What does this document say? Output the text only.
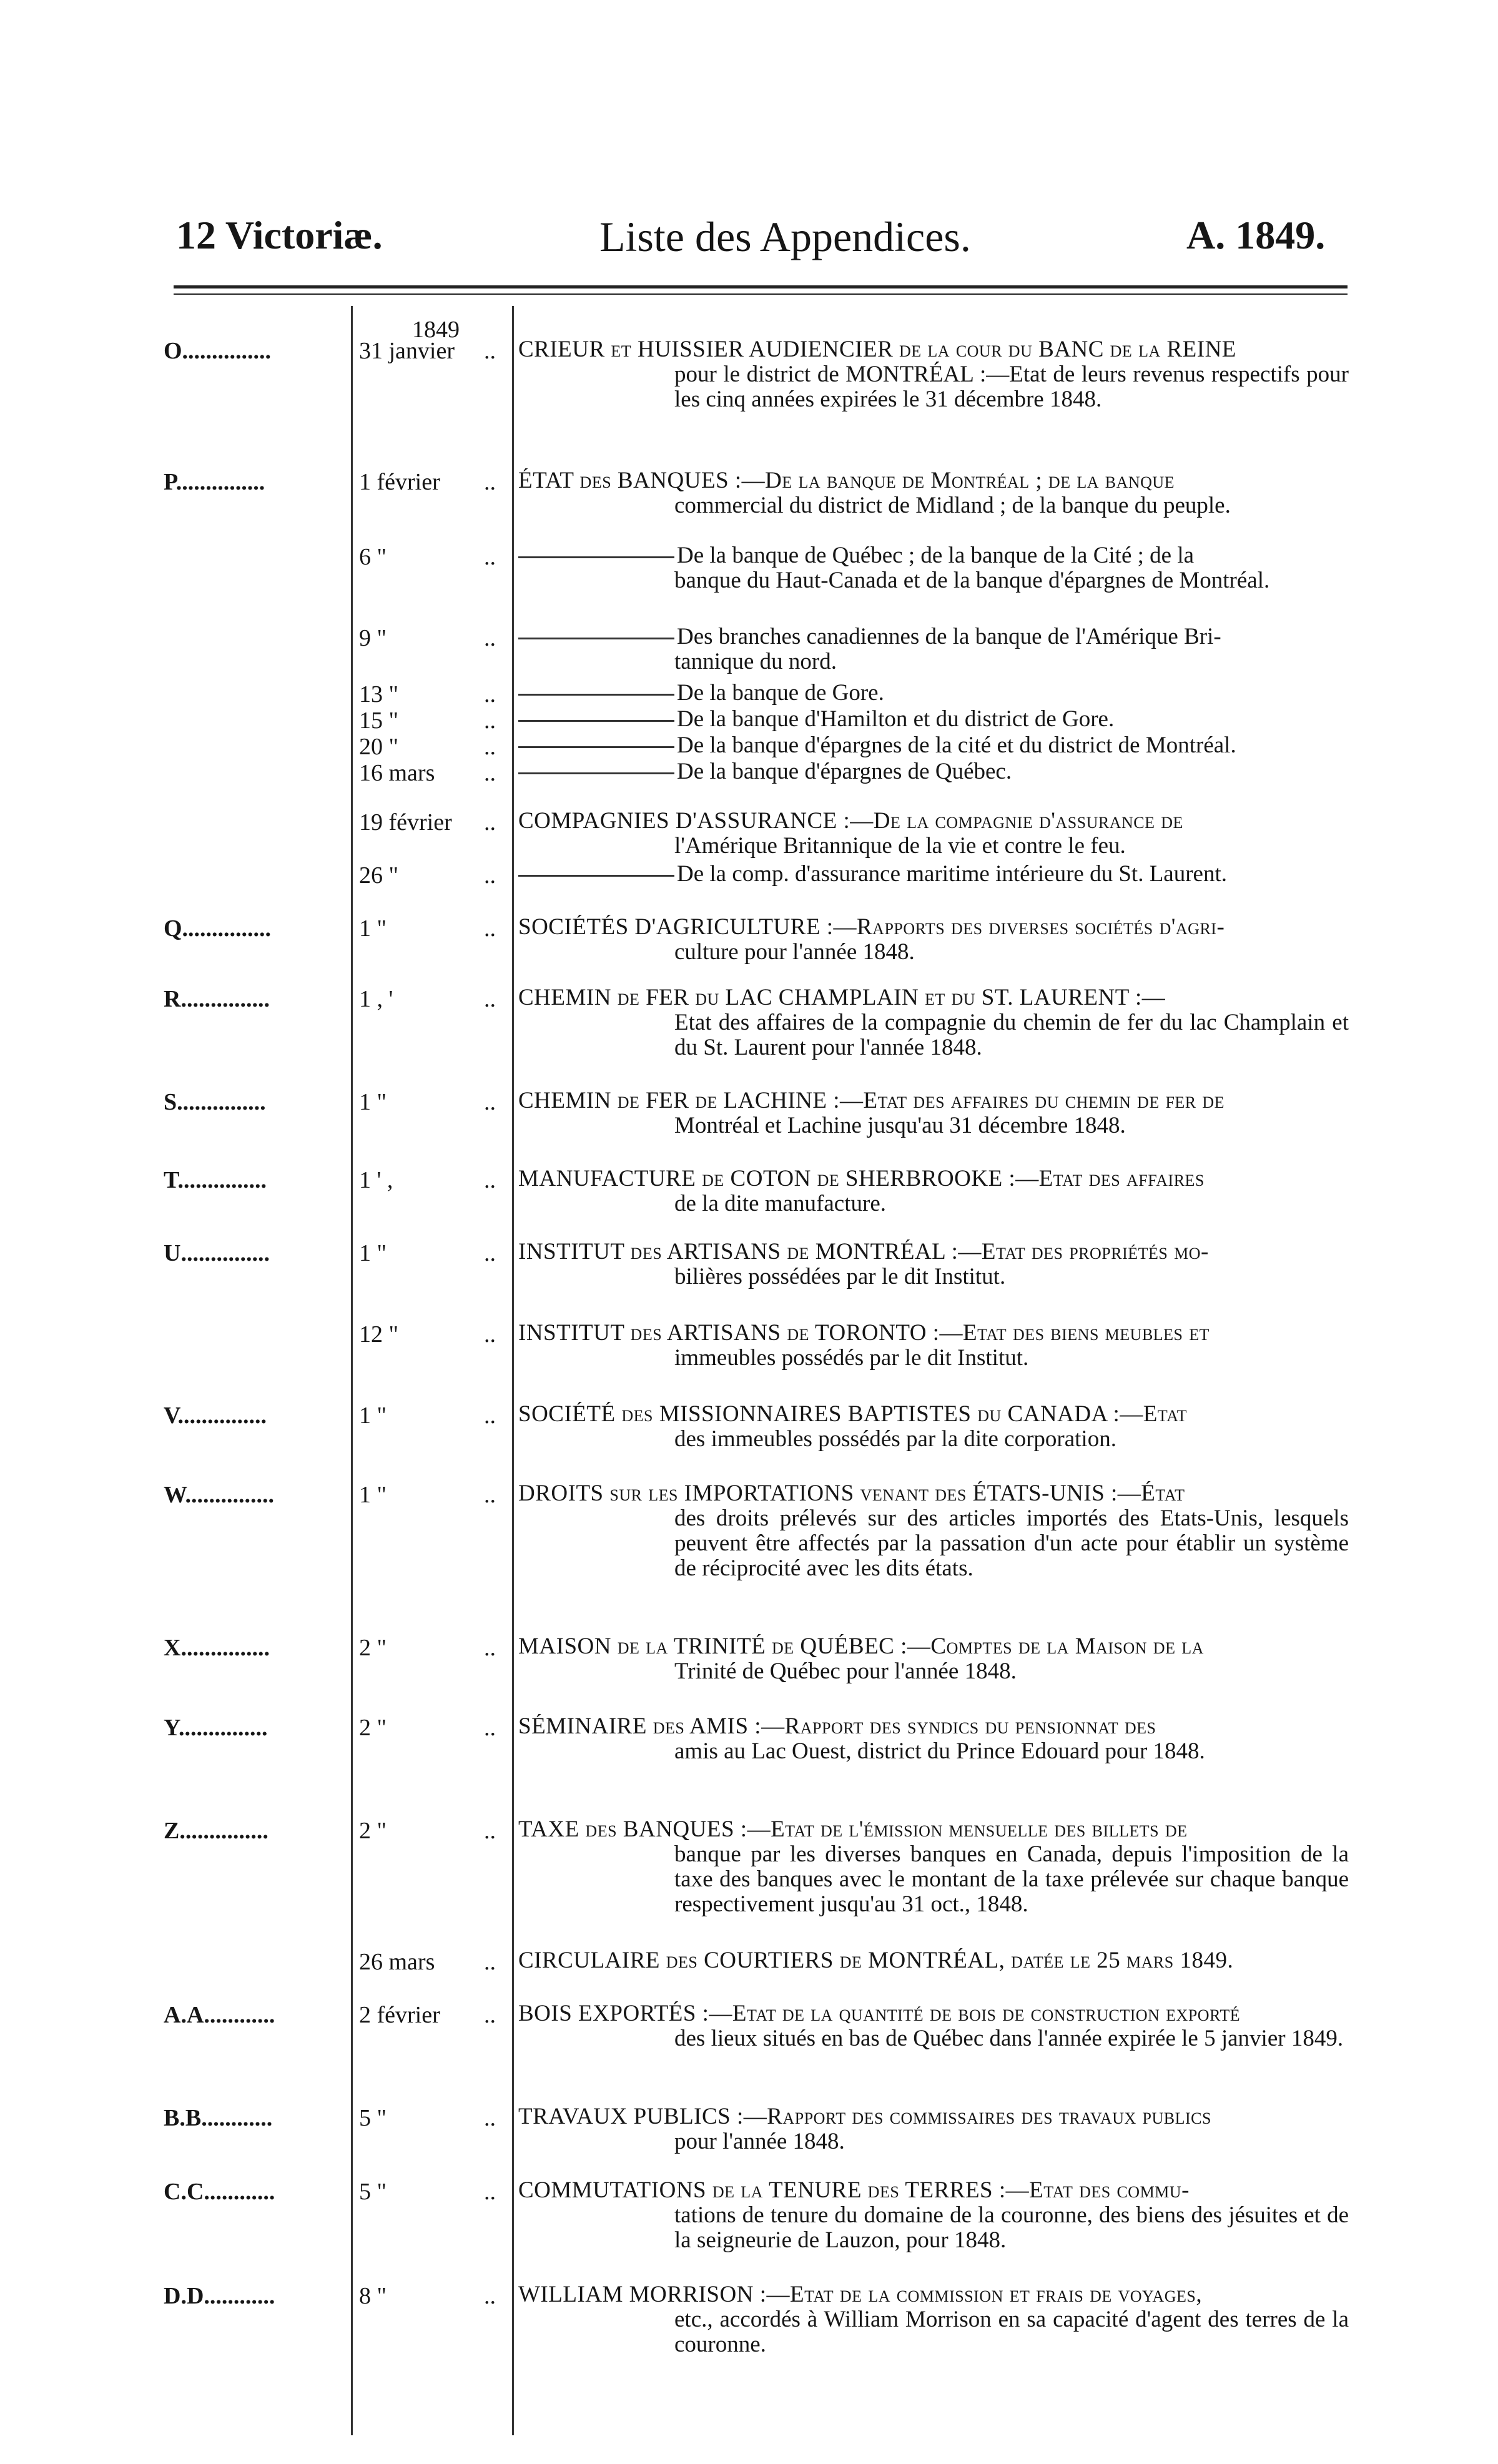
12 Victoriæ.	Liste des Appendices.	A. 1849.
1849
O...............	31 janvier	.. CRIEUR et HUISSIER AUDIENCIER de la cour du BANC de la REINE
pour le district de MONTRÉAL :—Etat de leurs revenus respectifs pour les cinq années expirées le 31 décembre 1848.
P...............	1 février	.. ÉTAT des BANQUES :—De la banque de Montréal ; de la banque
commercial du district de Midland ; de la banque du peuple.
6 "	..	De la banque de Québec ; de la banque de la Cité ; de la
banque du Haut-Canada et de la banque d'épargnes de Montréal.
9 "	..	Des branches canadiennes de la banque de l'Amérique Bri-
tannique du nord.
13 "	..	De la banque de Gore.
15 "	..	De la banque d'Hamilton et du district de Gore.
20 "	..	De la banque d'épargnes de la cité et du district de Montréal.
16 mars	..	De la banque d'épargnes de Québec.
19 février	.. COMPAGNIES D'ASSURANCE :—De la compagnie d'assurance de
l'Amérique Britannique de la vie et contre le feu.
26 "	..	De la comp. d'assurance maritime intérieure du St. Laurent.
Q...............	1 "	.. SOCIÉTÉS D'AGRICULTURE :—Rapports des diverses sociétés d'agri-
culture pour l'année 1848.
R...............	1 , '	.. CHEMIN de FER du LAC CHAMPLAIN et du ST. LAURENT :—
Etat des affaires de la compagnie du chemin de fer du lac Champlain et du St. Laurent pour l'année 1848.
S...............	1 "	.. CHEMIN de FER de LACHINE :—Etat des affaires du chemin de fer de
Montréal et Lachine jusqu'au 31 décembre 1848.
T...............	1 ' ,	.. MANUFACTURE de COTON de SHERBROOKE :—Etat des affaires
de la dite manufacture.
U...............	1 "	.. INSTITUT des ARTISANS de MONTRÉAL :—Etat des propriétés mo-
bilières possédées par le dit Institut.
12 "	.. INSTITUT des ARTISANS de TORONTO :—Etat des biens meubles et
immeubles possédés par le dit Institut.
V...............	1 "	.. SOCIÉTÉ des MISSIONNAIRES BAPTISTES du CANADA :—Etat
des immeubles possédés par la dite corporation.
W...............	1 "	.. DROITS sur les IMPORTATIONS venant des ÉTATS-UNIS :—État
des droits prélevés sur des articles importés des Etats-Unis, lesquels peuvent être affectés par la passation d'un acte pour établir un système de réciprocité avec les dits états.
X...............	2 "	.. MAISON de la TRINITÉ de QUÉBEC :—Comptes de la Maison de la
Trinité de Québec pour l'année 1848.
Y...............	2 "	.. SÉMINAIRE des AMIS :—Rapport des syndics du pensionnat des
amis au Lac Ouest, district du Prince Edouard pour 1848.
Z...............	2 "	.. TAXE des BANQUES :—Etat de l'émission mensuelle des billets de
banque par les diverses banques en Canada, depuis l'imposition de la taxe des banques avec le montant de la taxe prélevée sur chaque banque respectivement jusqu'au 31 oct., 1848.
26 mars	.. CIRCULAIRE des COURTIERS de MONTRÉAL, datée le 25 mars 1849.
A.A............	2 février	.. BOIS EXPORTÉS :—Etat de la quantité de bois de construction exporté
des lieux situés en bas de Québec dans l'année expirée le 5 janvier 1849.
B.B............	5 "	.. TRAVAUX PUBLICS :—Rapport des commissaires des travaux publics
pour l'année 1848.
C.C............	5 "	.. COMMUTATIONS de la TENURE des TERRES :—Etat des commu-
tations de tenure du domaine de la couronne, des biens des jésuites et de la seigneurie de Lauzon, pour 1848.
D.D............	8 "	.. WILLIAM MORRISON :—Etat de la commission et frais de voyages,
etc., accordés à William Morrison en sa capacité d'agent des terres de la couronne.
